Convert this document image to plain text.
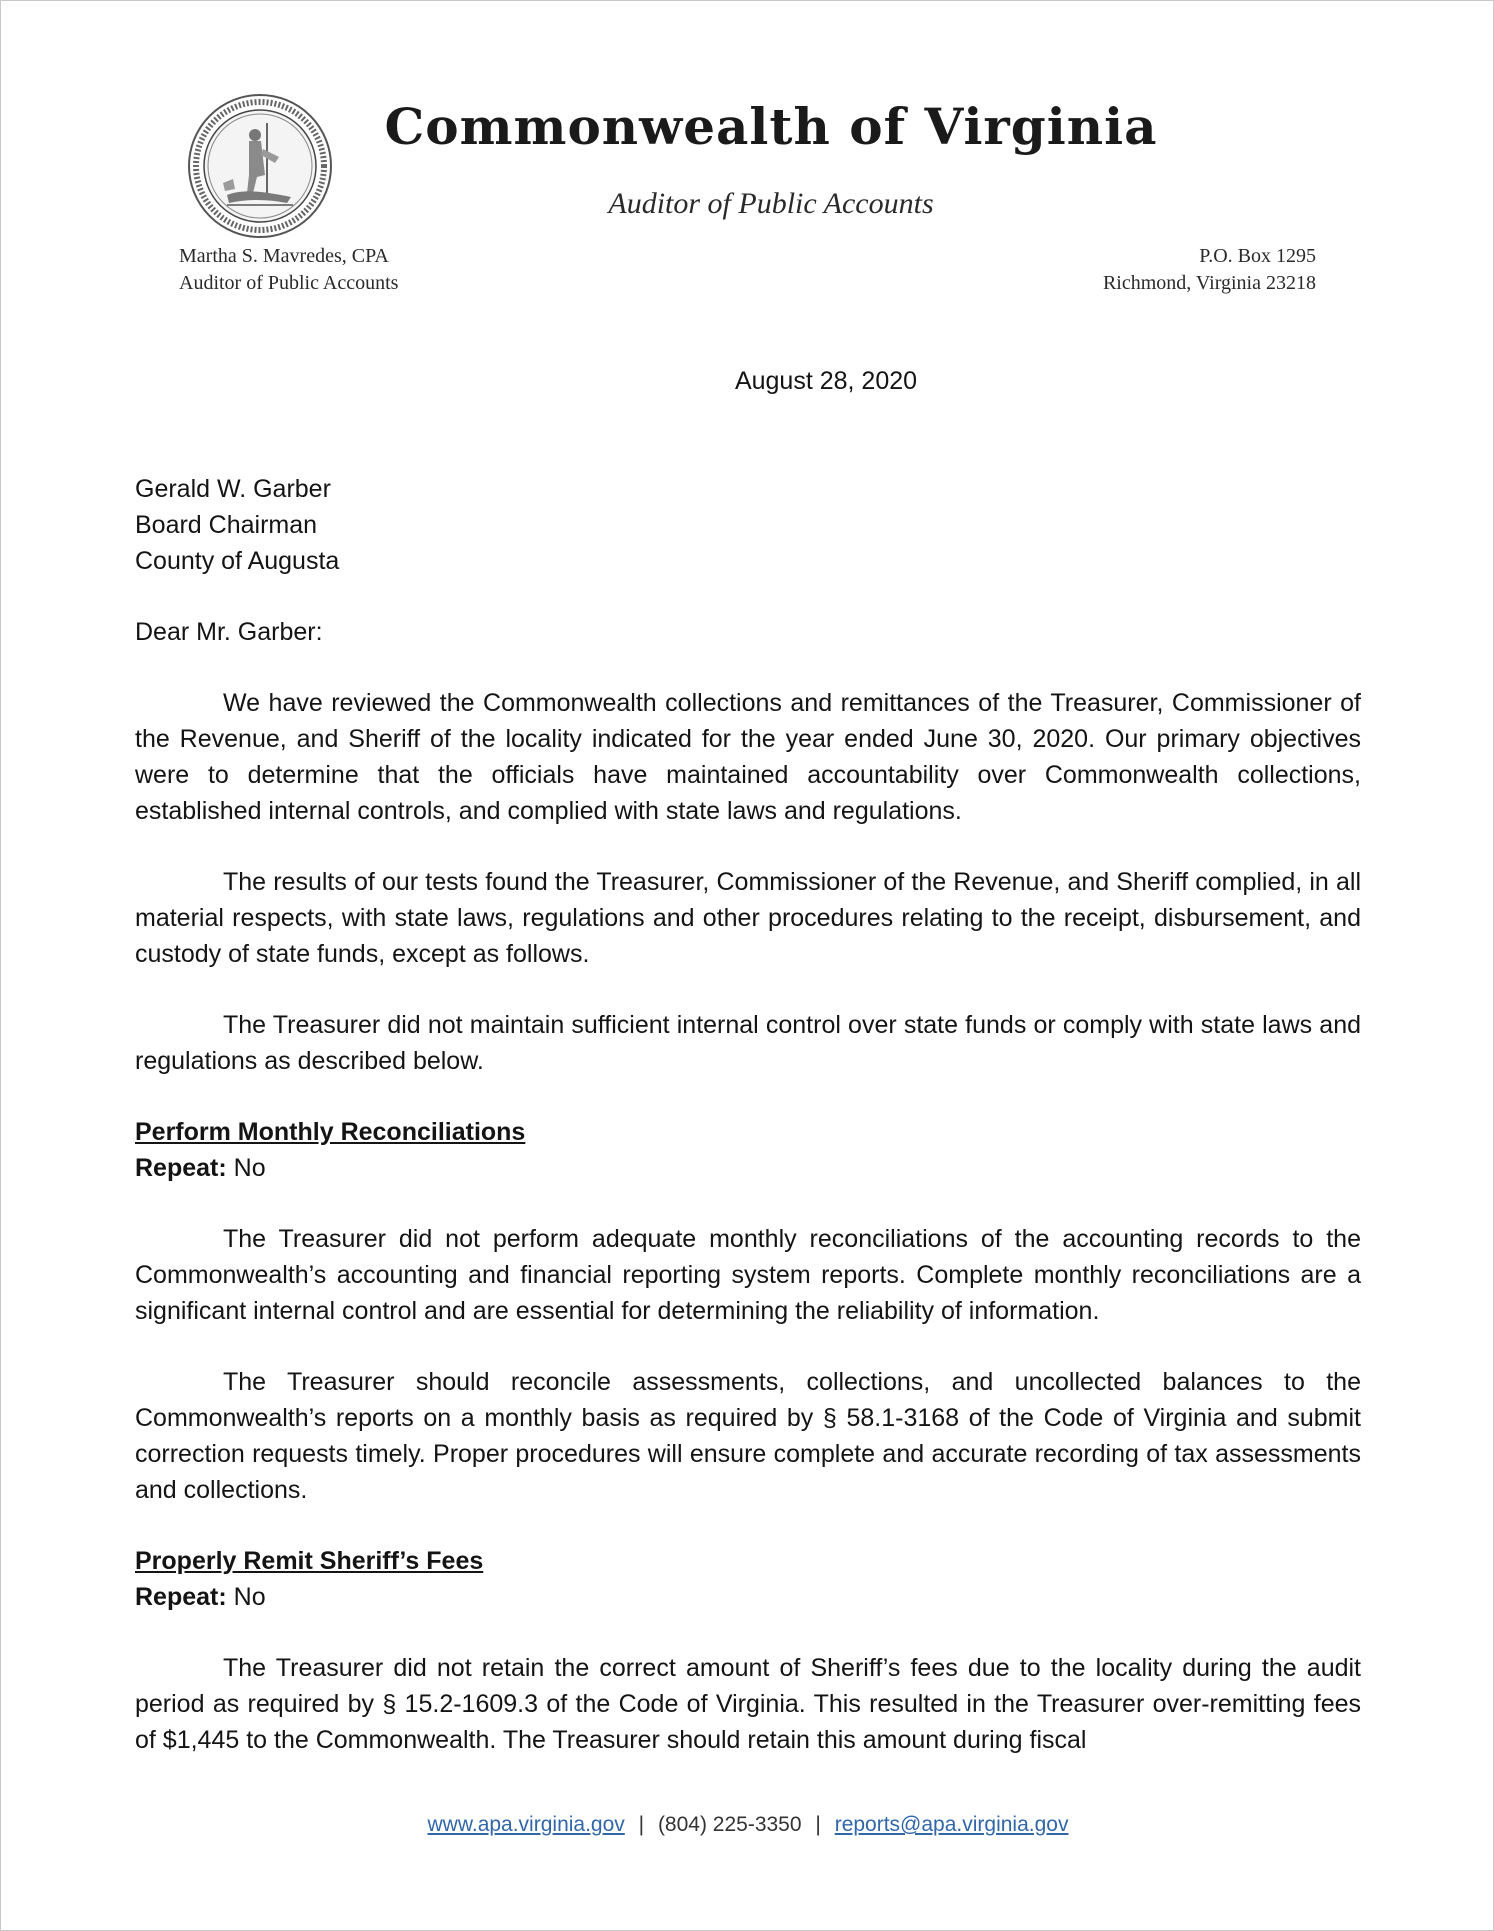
Commonwealth of Virginia
Auditor of Public Accounts
Martha S. Mavredes, CPA
Auditor of Public Accounts
P.O. Box 1295
Richmond, Virginia 23218
August 28, 2020

Gerald W. Garber
Board Chairman
County of Augusta

Dear Mr. Garber:

We have reviewed the Commonwealth collections and remittances of the Treasurer, Commissioner of the Revenue, and Sheriff of the locality indicated for the year ended June 30, 2020. Our primary objectives were to determine that the officials have maintained accountability over Commonwealth collections, established internal controls, and complied with state laws and regulations.

The results of our tests found the Treasurer, Commissioner of the Revenue, and Sheriff complied, in all material respects, with state laws, regulations and other procedures relating to the receipt, disbursement, and custody of state funds, except as follows.

The Treasurer did not maintain sufficient internal control over state funds or comply with state laws and regulations as described below.

Perform Monthly Reconciliations

Repeat: No

The Treasurer did not perform adequate monthly reconciliations of the accounting records to the Commonwealth’s accounting and financial reporting system reports. Complete monthly reconciliations are a significant internal control and are essential for determining the reliability of information.

The Treasurer should reconcile assessments, collections, and uncollected balances to the Commonwealth’s reports on a monthly basis as required by § 58.1-3168 of the Code of Virginia and submit correction requests timely. Proper procedures will ensure complete and accurate recording of tax assessments and collections.

Properly Remit Sheriff’s Fees

Repeat: No

The Treasurer did not retain the correct amount of Sheriff’s fees due to the locality during the audit period as required by § 15.2-1609.3 of the Code of Virginia. This resulted in the Treasurer over-remitting fees of $1,445 to the Commonwealth. The Treasurer should retain this amount during fiscal

www.apa.virginia.gov | (804) 225-3350 | reports@apa.virginia.gov
